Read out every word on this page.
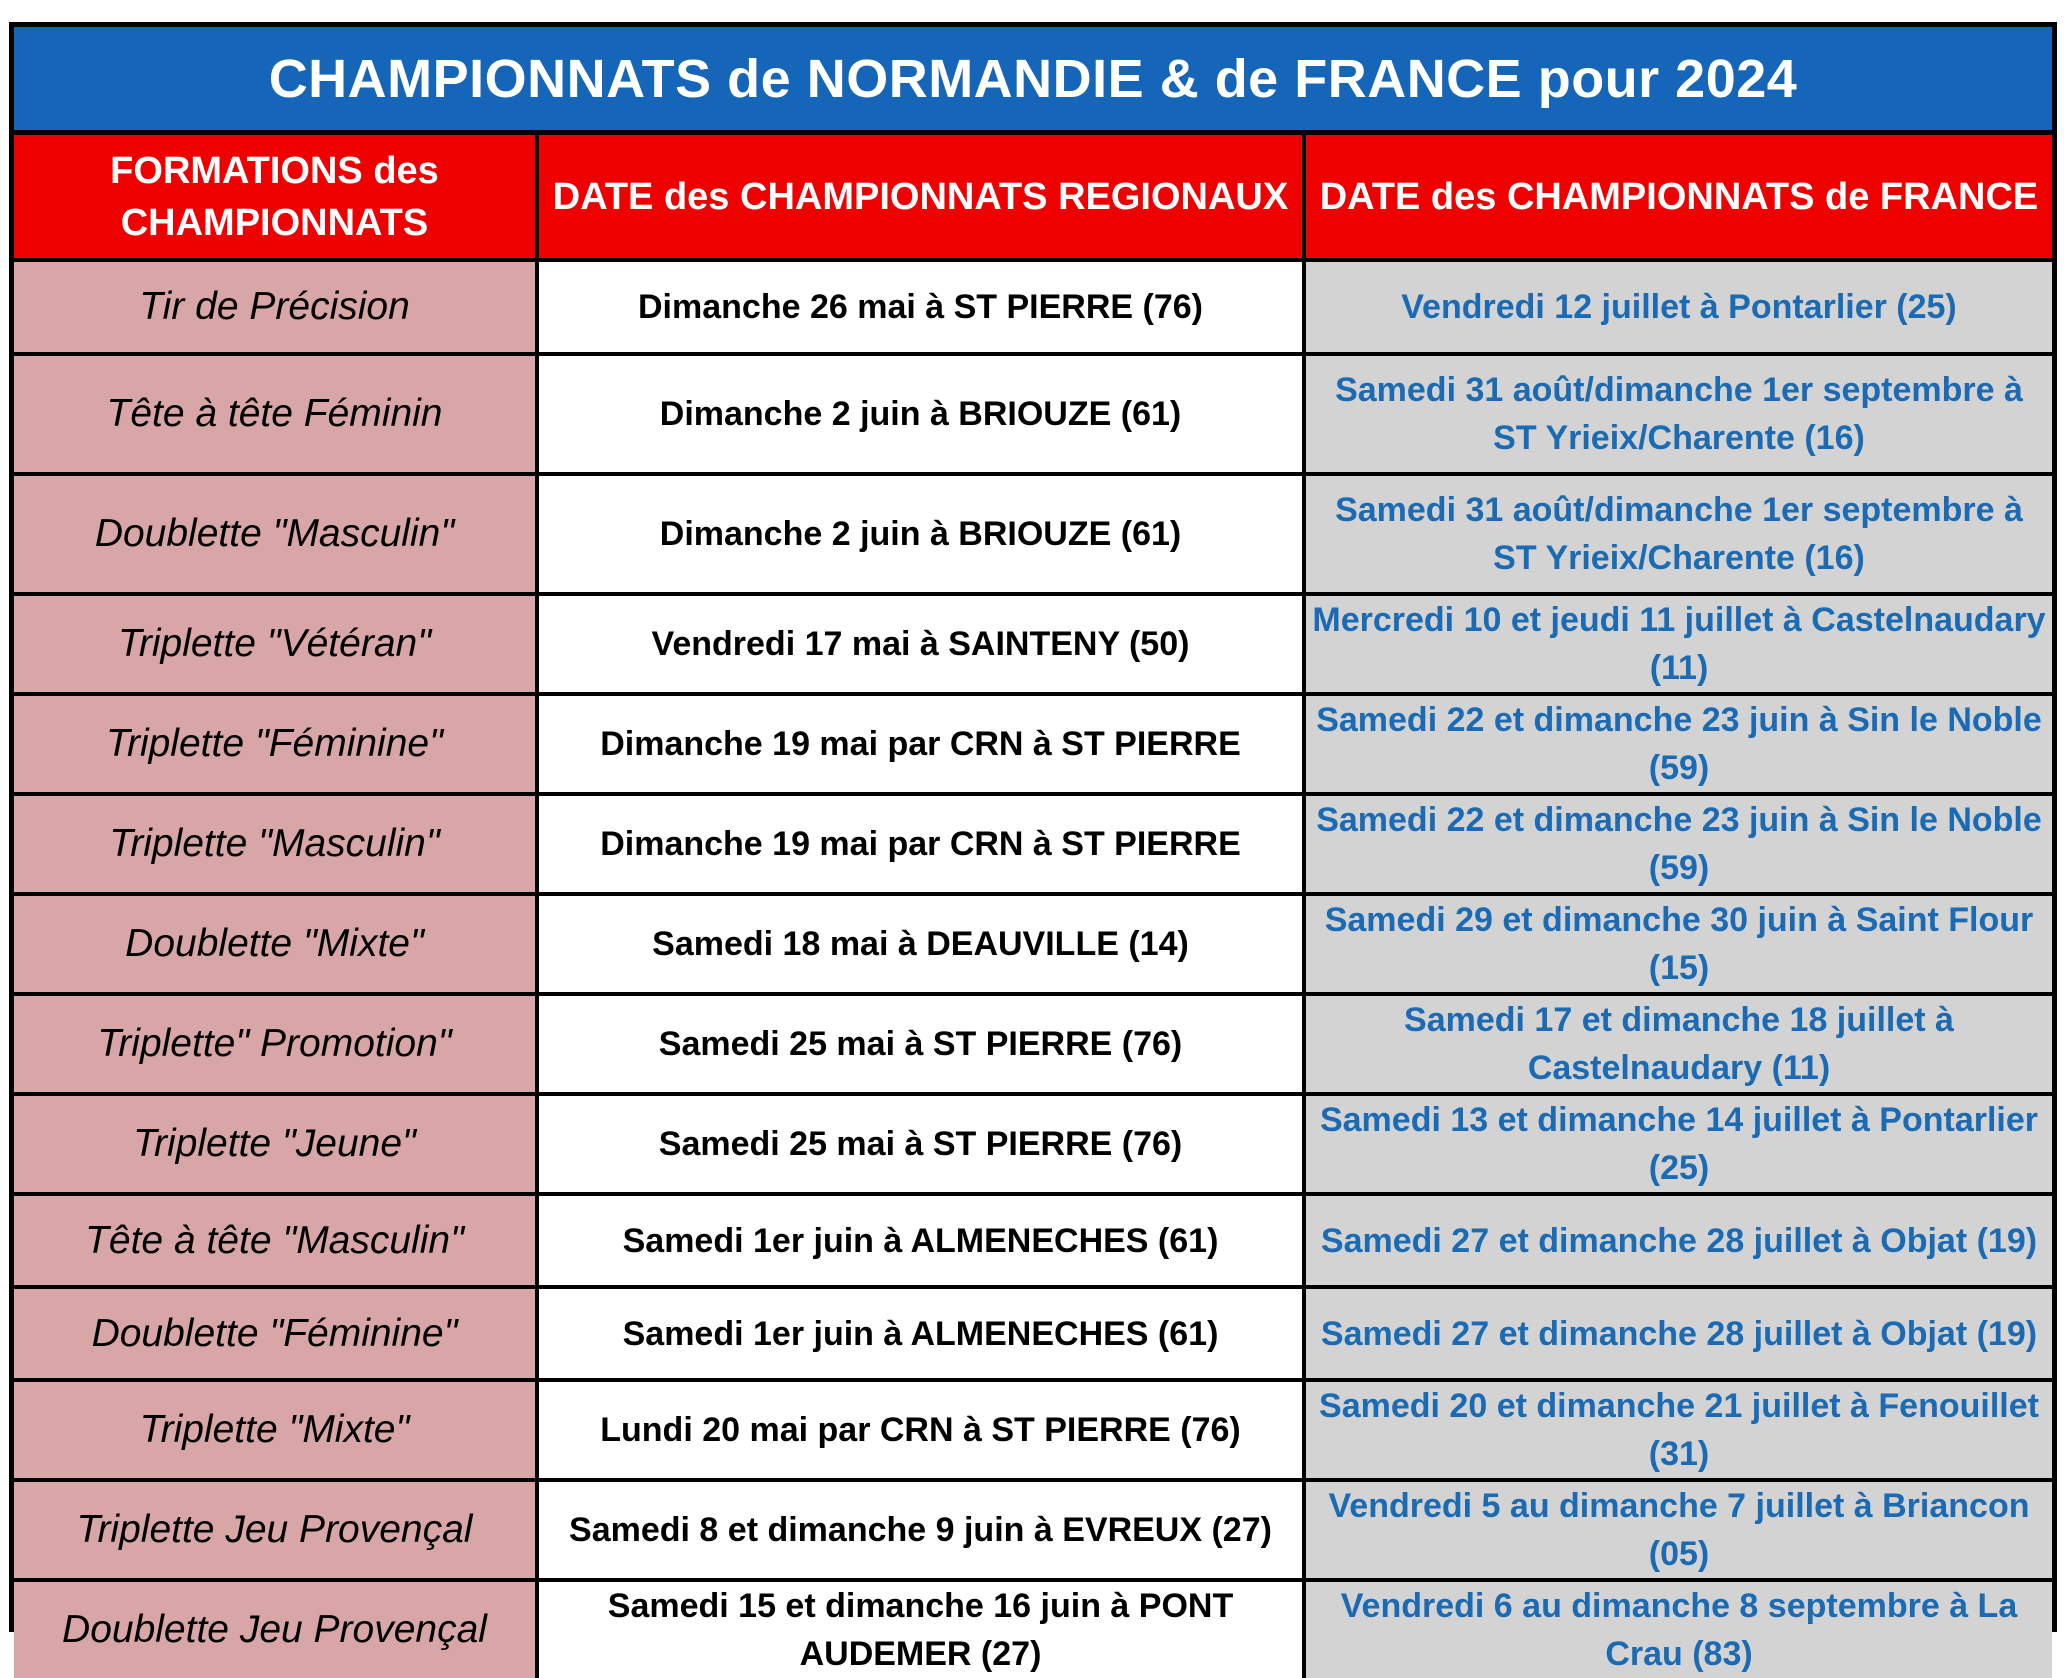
CHAMPIONNATS de NORMANDIE & de FRANCE pour 2024
FORMATIONS des CHAMPIONNATS	DATE des CHAMPIONNATS REGIONAUX	DATE des CHAMPIONNATS de FRANCE
Tir de Précision	Dimanche 26 mai à ST PIERRE (76)	Vendredi 12 juillet à Pontarlier (25)
Tête à tête Féminin	Dimanche 2 juin à BRIOUZE (61)	Samedi 31 août/dimanche 1er septembre à ST Yrieix/Charente (16)
Doublette "Masculin"	Dimanche 2 juin à BRIOUZE (61)	Samedi 31 août/dimanche 1er septembre à ST Yrieix/Charente (16)
Triplette "Vétéran"	Vendredi 17 mai à SAINTENY (50)	Mercredi 10 et jeudi 11 juillet à Castelnaudary (11)
Triplette "Féminine"	Dimanche 19 mai par CRN à ST PIERRE	Samedi 22 et dimanche 23 juin à Sin le Noble (59)
Triplette "Masculin"	Dimanche 19 mai par CRN à ST PIERRE	Samedi 22 et dimanche 23 juin à Sin le Noble (59)
Doublette "Mixte"	Samedi 18 mai à DEAUVILLE (14)	Samedi 29 et dimanche 30 juin à Saint Flour (15)
Triplette" Promotion"	Samedi 25 mai à ST PIERRE (76)	Samedi 17 et dimanche 18 juillet à Castelnaudary (11)
Triplette "Jeune"	Samedi 25 mai à ST PIERRE (76)	Samedi 13 et dimanche 14 juillet à Pontarlier (25)
Tête à tête "Masculin"	Samedi 1er juin à ALMENECHES (61)	Samedi 27 et dimanche 28 juillet à Objat (19)
Doublette "Féminine"	Samedi 1er juin à ALMENECHES (61)	Samedi 27 et dimanche 28 juillet à Objat (19)
Triplette "Mixte"	Lundi 20 mai par CRN à ST PIERRE (76)	Samedi 20 et dimanche 21 juillet à Fenouillet (31)
Triplette Jeu Provençal	Samedi 8 et dimanche 9 juin à EVREUX (27)	Vendredi 5 au dimanche 7 juillet à Briancon (05)
Doublette Jeu Provençal	Samedi 15 et dimanche 16 juin à PONT AUDEMER (27)	Vendredi 6 au dimanche 8 septembre à La Crau (83)
